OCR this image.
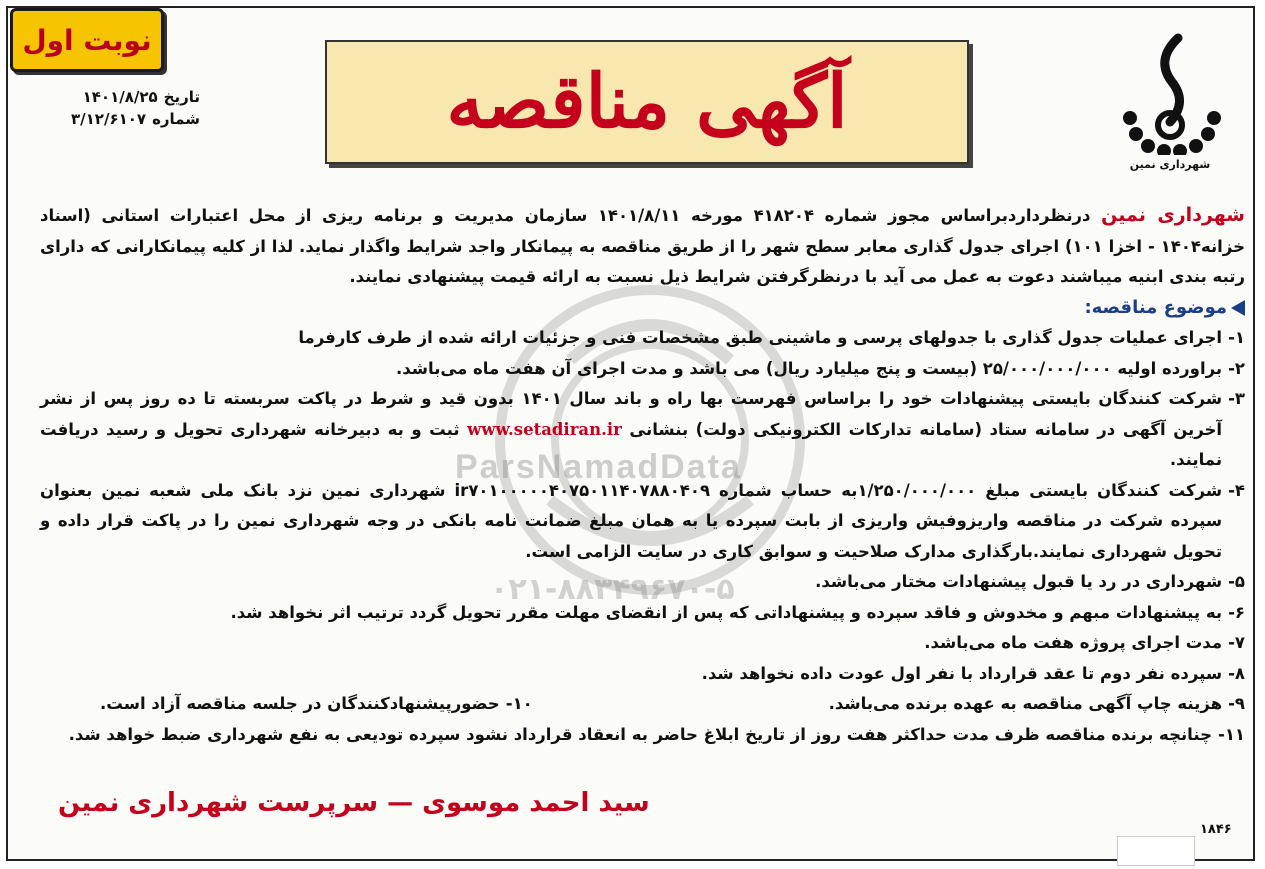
ParsNamadData
۰۲۱-۸۸۳۴۹۶۷۰-۵
نوبت اول
تاریخ
۱۴۰۱/۸/۲۵
شماره
۳/۱۲/۶۱۰۷	آگهی مناقصه
شهرداری نمین
شهرداری نمین درنظرداردبراساس مجوز شماره ۴۱۸۲۰۴ مورخه ۱۴۰۱/۸/۱۱ سازمان مدیریت و برنامه ریزی از محل اعتبارات استانی (اسناد خزانه۱۴۰۴ - اخزا ۱۰۱) اجرای جدول گذاری معابر سطح شهر را از طریق مناقصه به پیمانکار واجد شرایط واگذار نماید. لذا از کلیه پیمانکارانی که دارای رتبه بندی ابنیه میباشند دعوت به عمل می آید با درنظرگرفتن شرایط ذیل نسبت به ارائه قیمت پیشنهادی نمایند.
موضوع مناقصه:
۱-
اجرای عملیات جدول گذاری با جدولهای پرسی و ماشینی طبق مشخصات فنی و جزئیات ارائه شده از طرف کارفرما
۲-
براورده اولیه ۲۵/۰۰۰/۰۰۰/۰۰۰ (بیست و پنج میلیارد ریال) می باشد و مدت اجرای آن هفت ماه می‌باشد.
۳-
شرکت کنندگان بایستی پیشنهادات خود را براساس فهرست بها راه و باند سال ۱۴۰۱ بدون قید و شرط در پاکت سربسته تا ده روز پس از نشر آخرین آگهی در سامانه ستاد (سامانه تدارکات الکترونیکی دولت) بنشانی www.setadiran.ir ثبت و به دبیرخانه شهرداری تحویل و رسید دریافت نمایند.
۴-
شرکت کنندگان بایستی مبلغ ۱/۲۵۰/۰۰۰/۰۰۰به حساب شماره ir۷۰۱۰۰۰۰۰۴۰۷۵۰۱۱۴۰۷۸۸۰۴۰۹ شهرداری نمین نزد بانک ملی شعبه نمین بعنوان سپرده شرکت در مناقصه واریزوفیش واریزی از بابت سپرده یا به همان مبلغ ضمانت نامه بانکی در وجه شهرداری نمین را در پاکت قرار داده و تحویل شهرداری نمایند.بارگذاری مدارک صلاحیت و سوابق کاری در سایت الزامی است.
۵-
شهرداری در رد یا قبول پیشنهادات مختار می‌باشد.
۶-
به پیشنهادات مبهم و مخدوش و فاقد سپرده و پیشنهاداتی که پس از انقضای مهلت مقرر تحویل گردد ترتیب اثر نخواهد شد.
۷-
مدت اجرای پروژه هفت ماه می‌باشد.
۸-
سپرده نفر دوم تا عقد قرارداد با نفر اول عودت داده نخواهد شد.
۹-
هزینه چاپ آگهی مناقصه به عهده برنده می‌باشد.
۱۰-
حضورپیشنهادکنندگان در جلسه مناقصه آزاد است.
۱۱-
چنانچه برنده مناقصه ظرف مدت حداکثر هفت روز از تاریخ ابلاغ حاضر به انعقاد قرارداد نشود سپرده تودیعی به نفع شهرداری ضبط خواهد شد.
سید احمد موسوی — سرپرست شهرداری نمین
۱۸۴۶
